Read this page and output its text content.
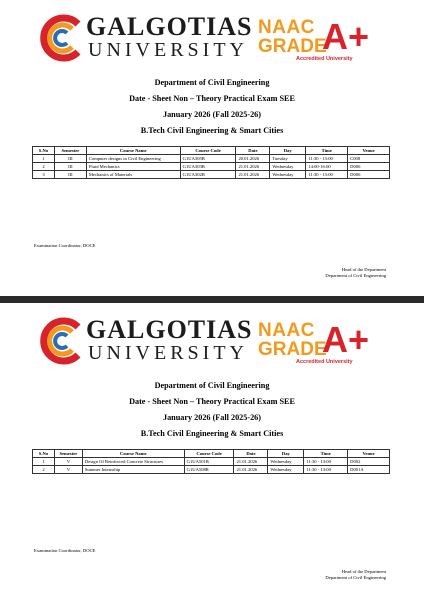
GALGOTIAS
UNIVERSITY
NAAC
GRADE
A+
Accredited University
Department of Civil Engineering
Date - Sheet Non – Theory Practical Exam SEE
January 2026 (Fall 2025-26)
B.Tech Civil Engineering & Smart Cities
S.No	Semester	Course Name	Course Code	Date	Day	Time	Venue
1	III	Computer designs in Civil Engineering	G1UA305B	20.01.2026	Tuesday	11:30 - 13:00	C008
2	III	Fluid Mechanics	G1UA303B	21.01.2026	Wednesday	14:00-16:00	D006
3	III	Mechanics of Materials	G1UA302B	21.01.2026	Wednesday	11:30 - 13:00	D006
Examination Coordinator, DOCE
Head of the Department
Department of Civil Engineering
GALGOTIAS
UNIVERSITY
NAAC
GRADE
A+
Accredited University
Department of Civil Engineering
Date - Sheet Non – Theory Practical Exam SEE
January 2026 (Fall 2025-26)
B.Tech Civil Engineering & Smart Cities
S.No	Semester	Course Name	Course Code	Date	Day	Time	Venue
1	V	Design Of Reinforced Concrete Structures	G1UA501B	21.01.2026	Wednesday	11:30 - 13:00	D002
2	V	Summer Internship	G1UA508R	21.01.2026	Wednesday	11:30 - 13:00	D001A
Examination Coordinator, DOCE
Head of the Department
Department of Civil Engineering
